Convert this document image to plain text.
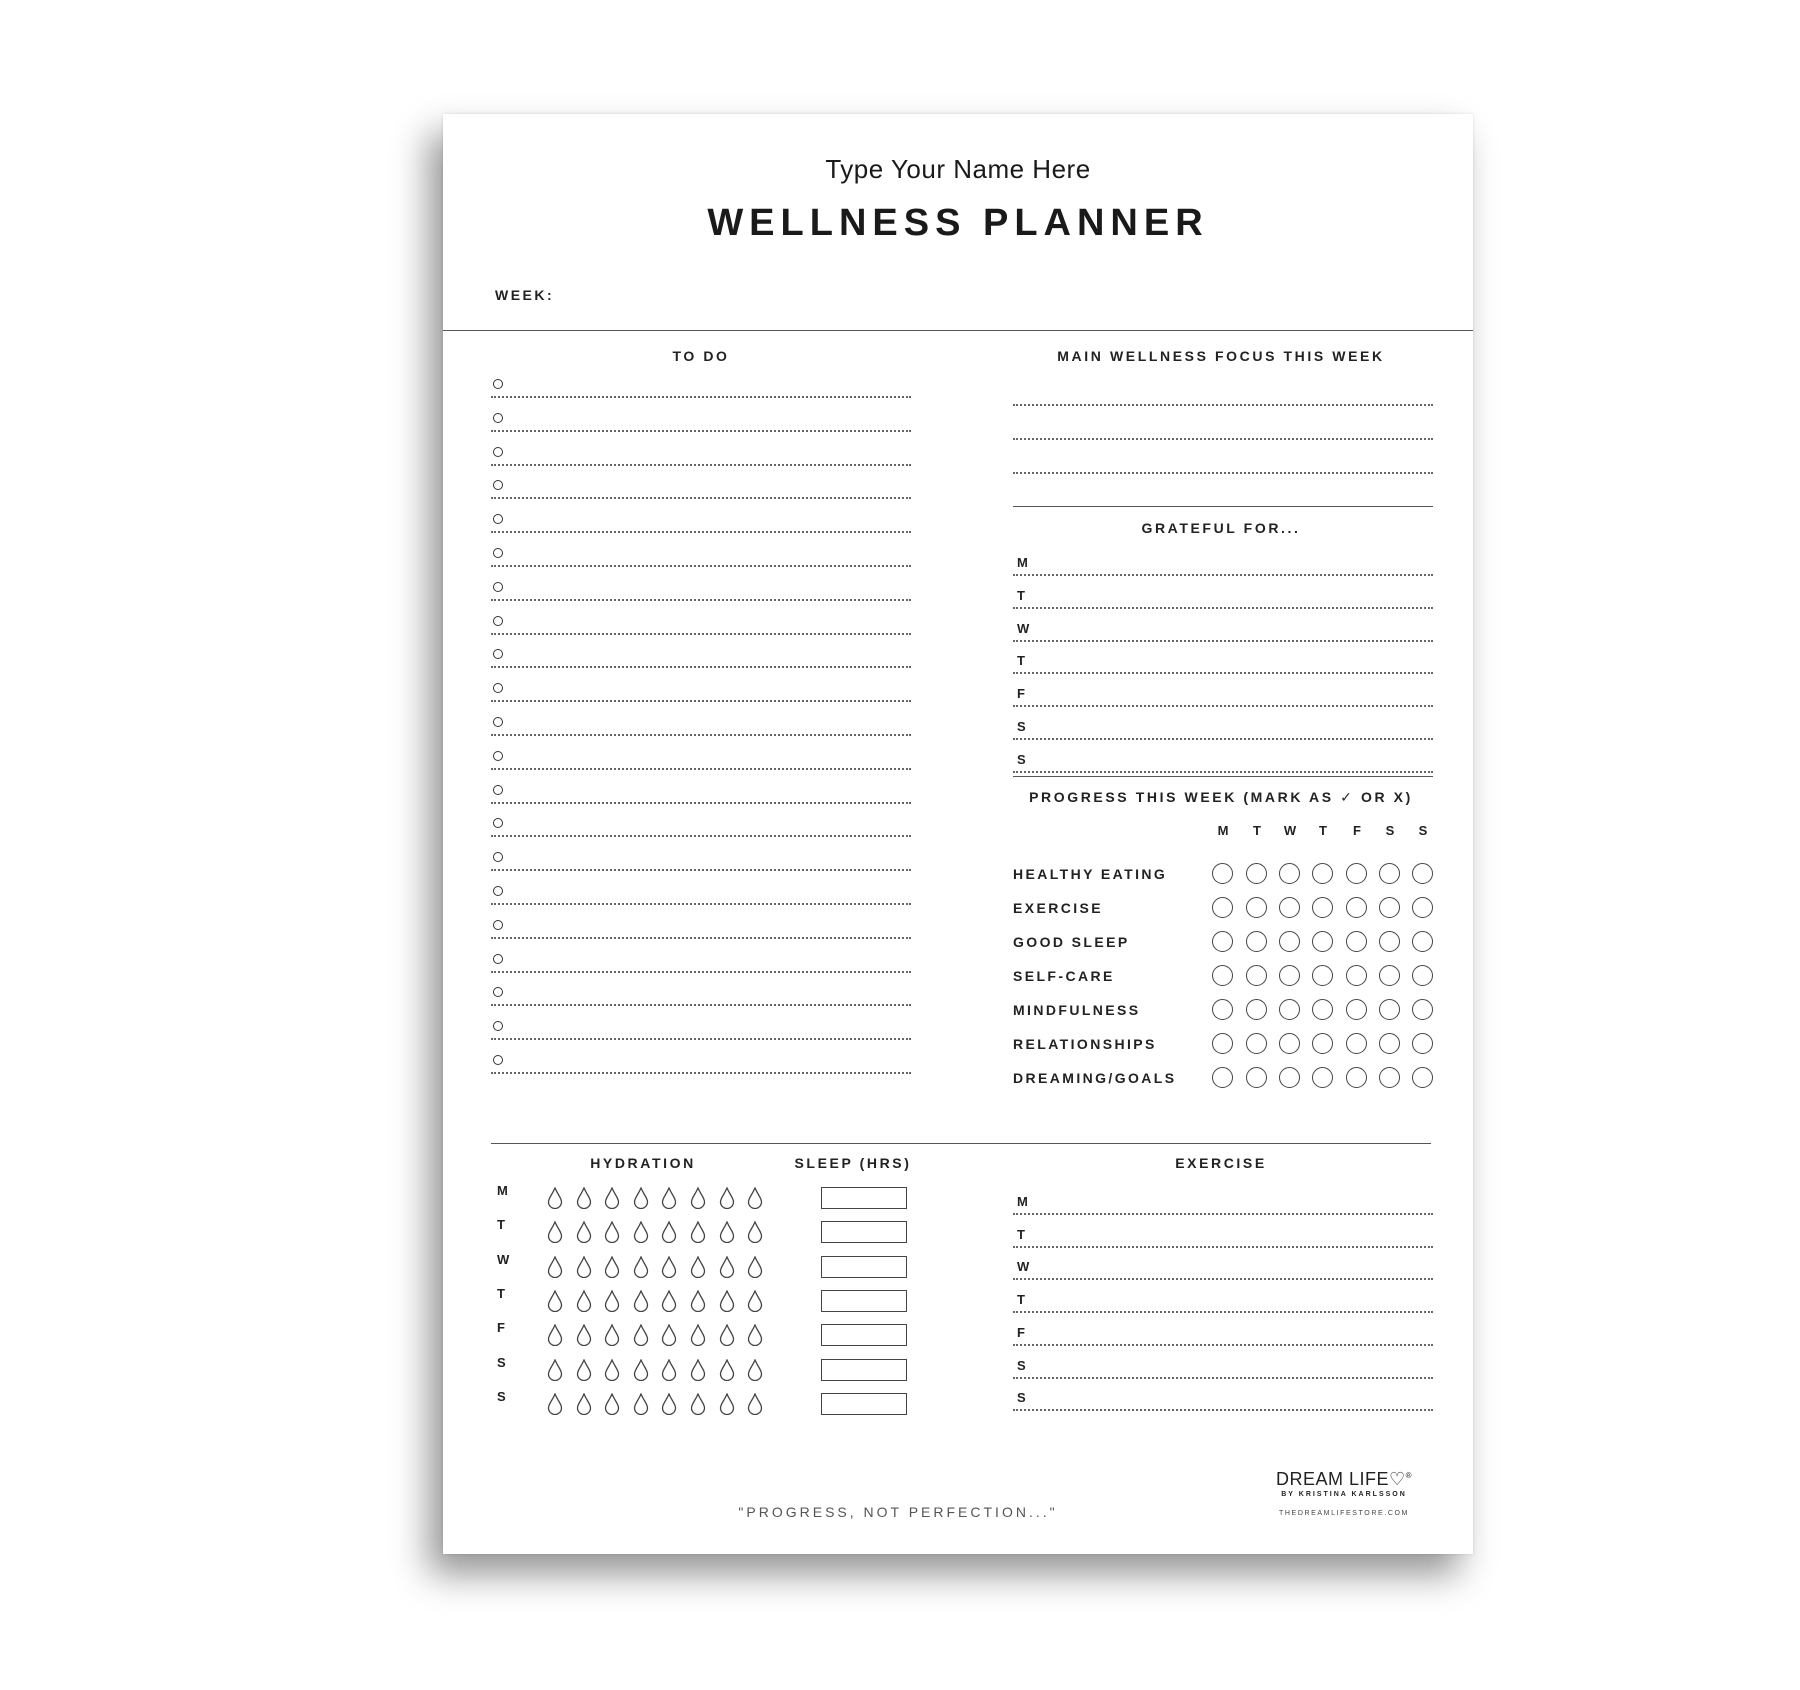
Type Your Name Here
WELLNESS PLANNER
WEEK:
TO DO	MAIN WELLNESS FOCUS THIS WEEK
GRATEFUL FOR...
M
T
W
T
F
S
S
PROGRESS THIS WEEK (MARK AS ✓ OR X)
M	T	W	T	F	S	S
HEALTHY EATING
EXERCISE
GOOD SLEEP
SELF-CARE
MINDFULNESS
RELATIONSHIPS
DREAMING/GOALS
HYDRATION	SLEEP (HRS)
M
T
W
T
F
S
S
EXERCISE
M
T
W
T
F
S
S
"PROGRESS, NOT PERFECTION..."
DREAM LIFE♡®
BY KRISTINA KARLSSON
THEDREAMLIFESTORE.COM
